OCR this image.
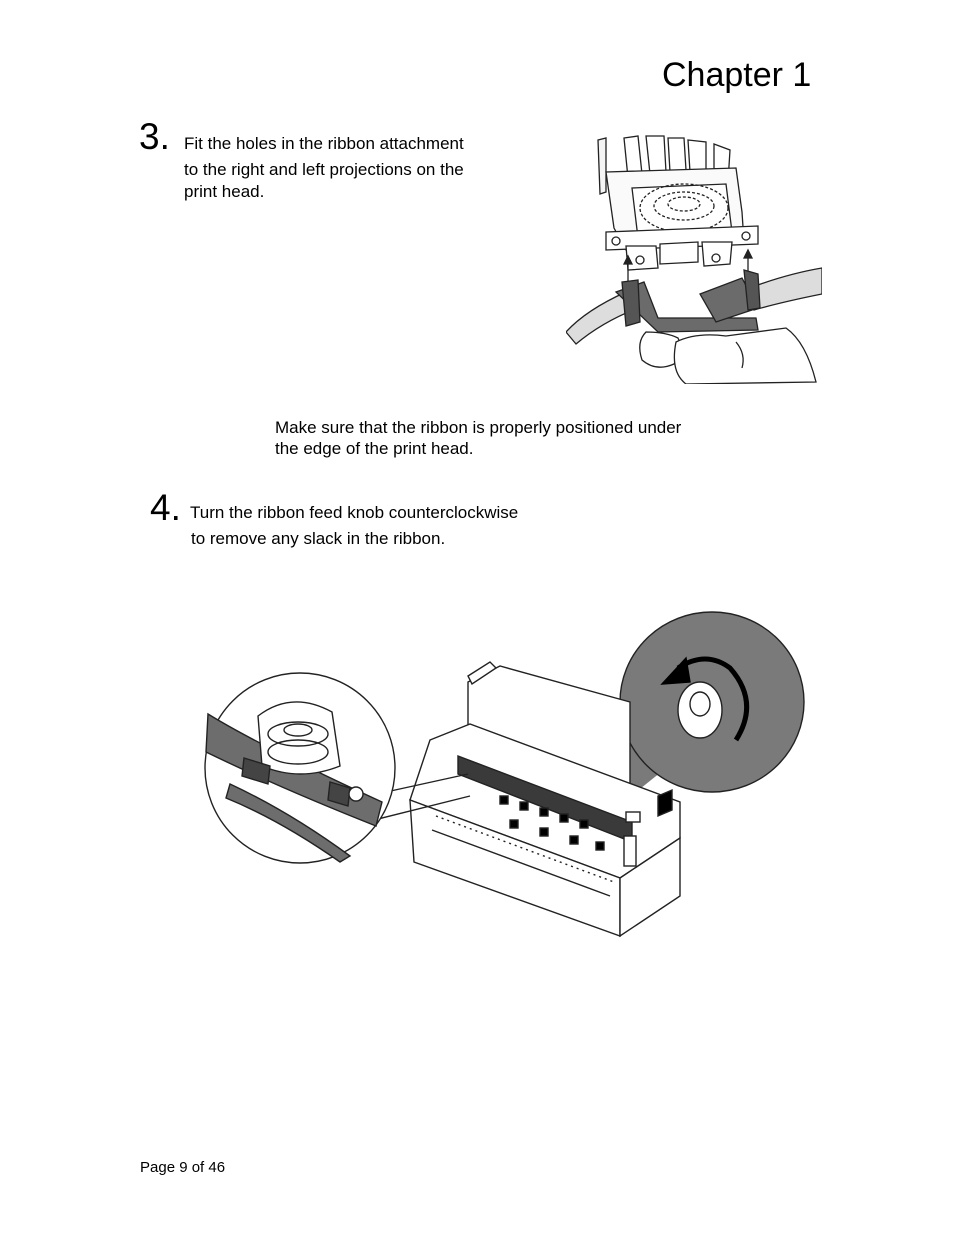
Chapter 1
3. Fit the holes in the ribbon attachment
to the right and left projections on the
print head.
Make sure that the ribbon is properly positioned under
the edge of the print head.
4. Turn the ribbon feed knob counterclockwise
to remove any slack in the ribbon.
Page 9 of 46
